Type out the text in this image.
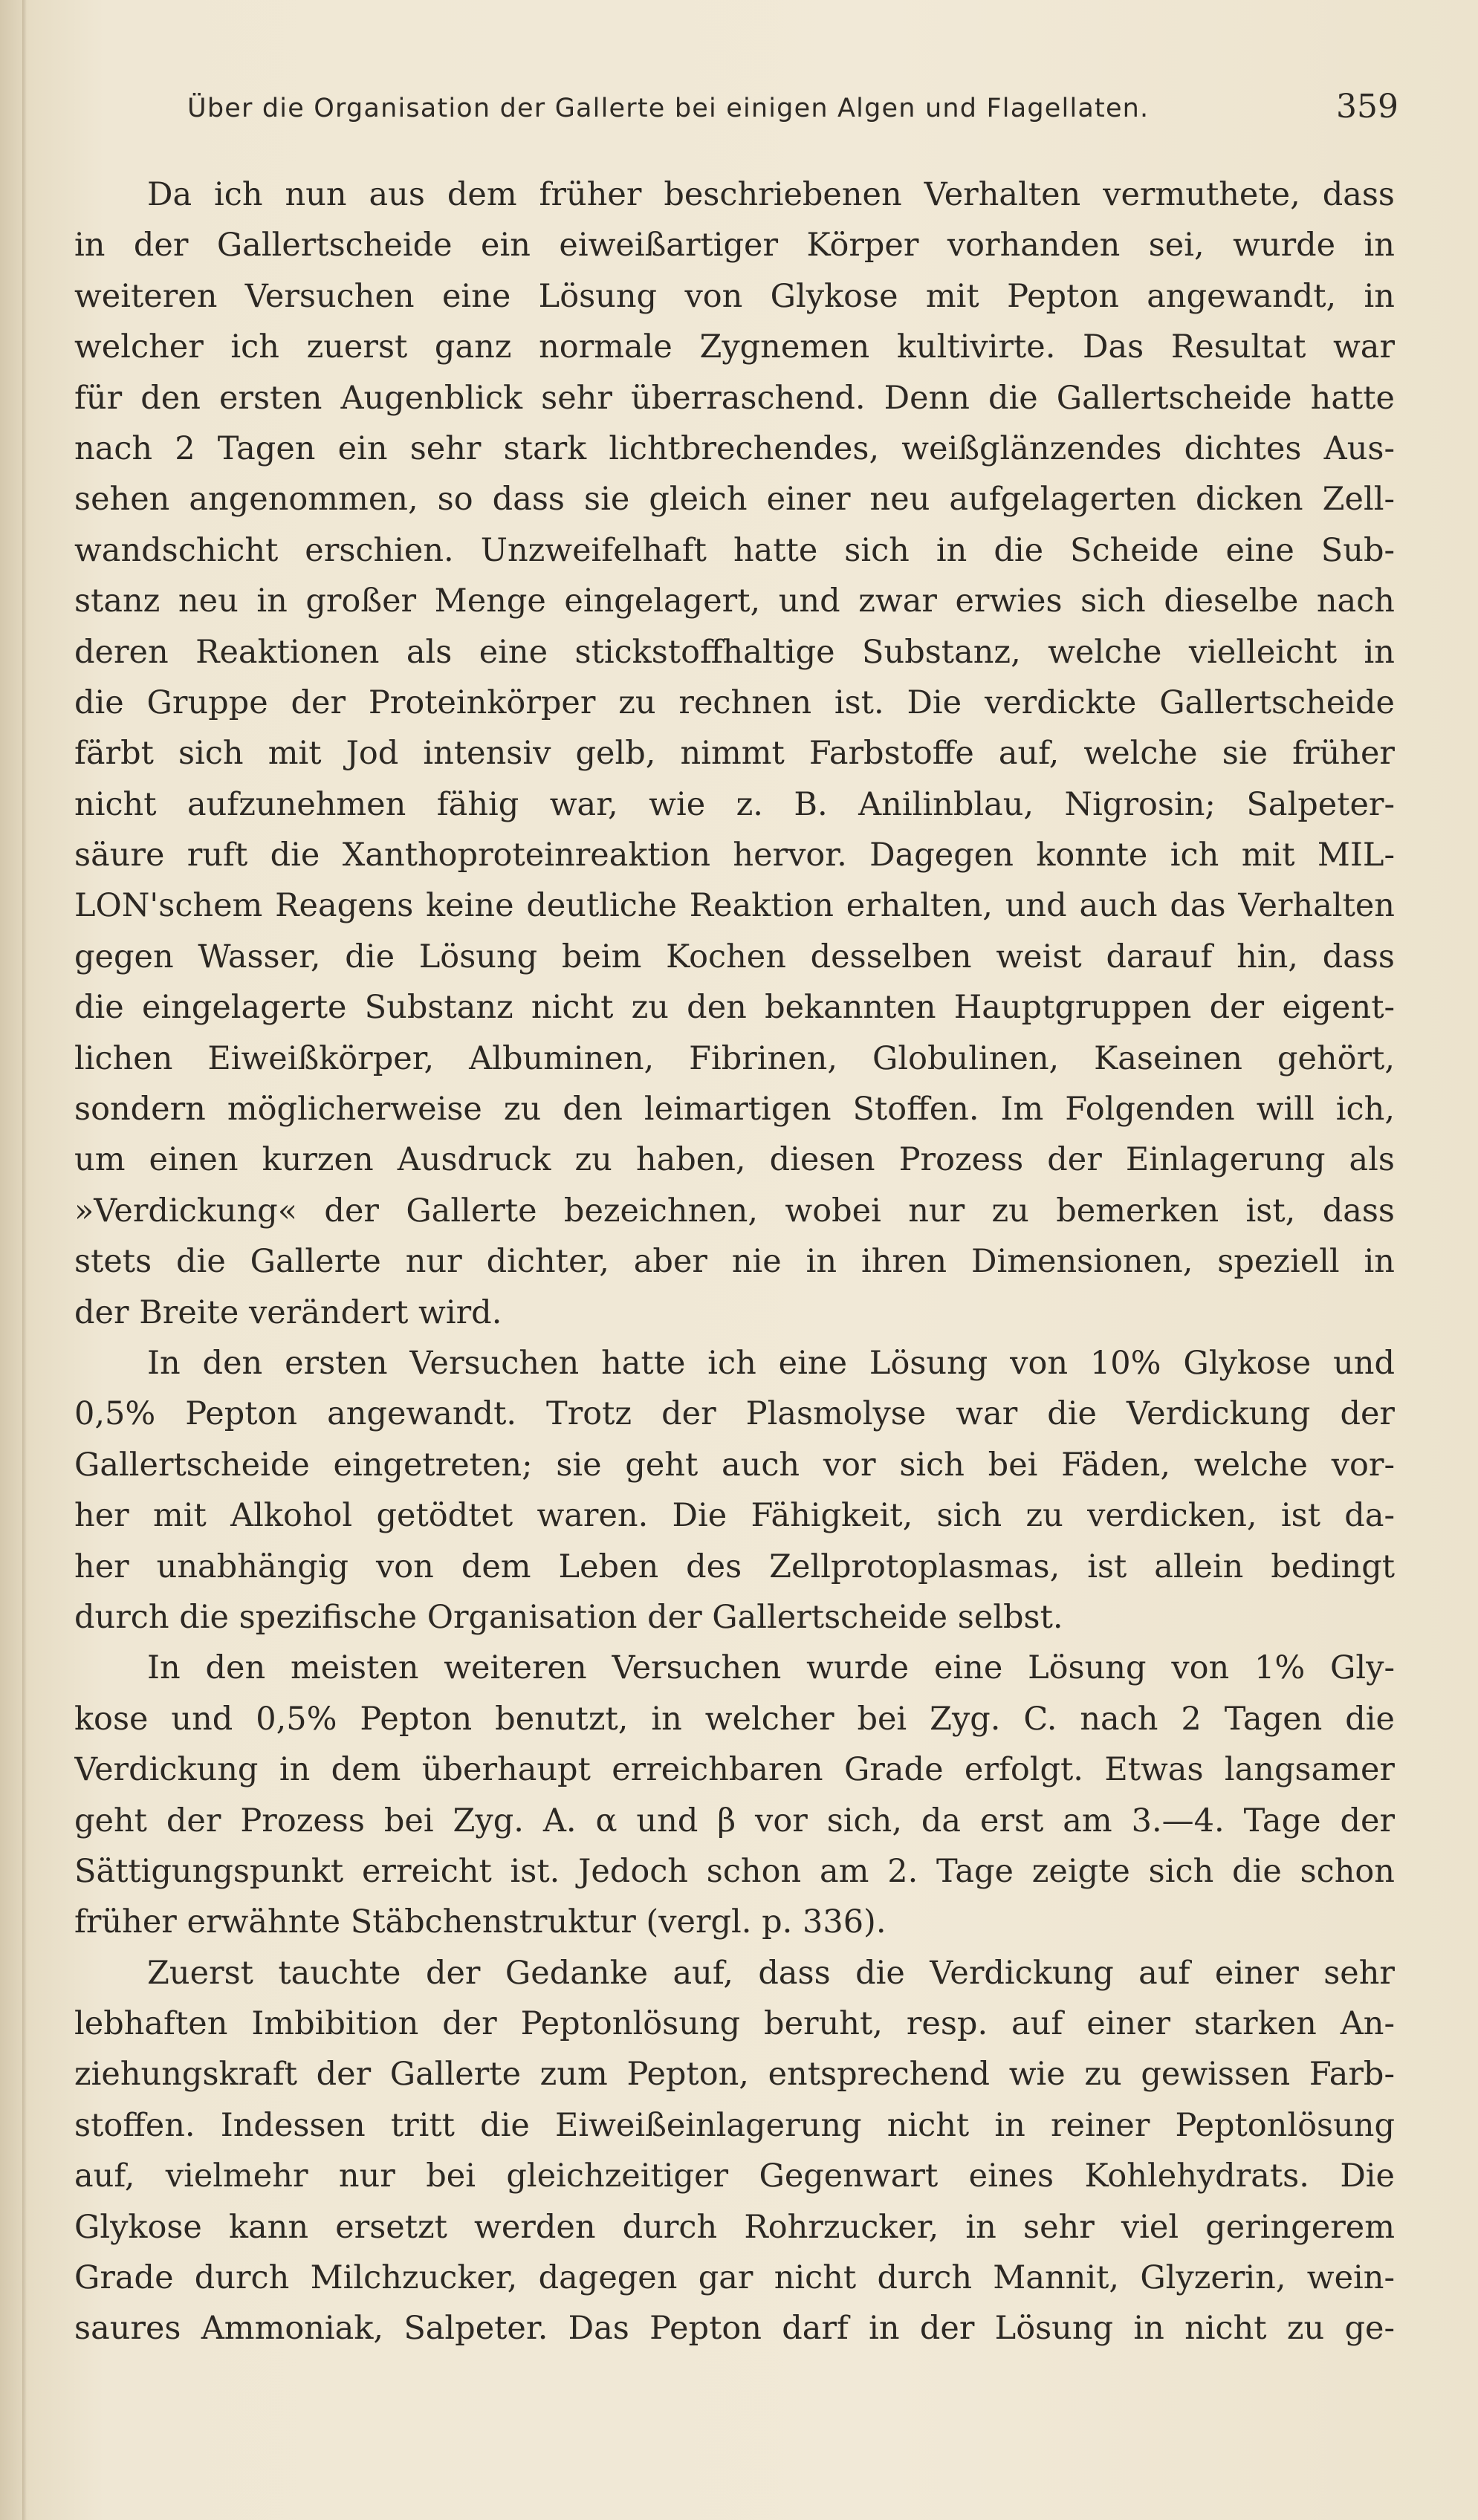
Über die Organisation der Gallerte bei einigen Algen und Flagellaten.	359
Da ich nun aus dem früher beschriebenen Verhalten vermuthete, dass
in der Gallertscheide ein eiweißartiger Körper vorhanden sei, wurde in
weiteren Versuchen eine Lösung von Glykose mit Pepton angewandt, in
welcher ich zuerst ganz normale Zygnemen kultivirte. Das Resultat war
für den ersten Augenblick sehr überraschend. Denn die Gallertscheide hatte
nach 2 Tagen ein sehr stark lichtbrechendes, weißglänzendes dichtes Aus-
sehen angenommen, so dass sie gleich einer neu aufgelagerten dicken Zell-
wandschicht erschien. Unzweifelhaft hatte sich in die Scheide eine Sub-
stanz neu in großer Menge eingelagert, und zwar erwies sich dieselbe nach
deren Reaktionen als eine stickstoffhaltige Substanz, welche vielleicht in
die Gruppe der Proteinkörper zu rechnen ist. Die verdickte Gallertscheide
färbt sich mit Jod intensiv gelb, nimmt Farbstoffe auf, welche sie früher
nicht aufzunehmen fähig war, wie z. B. Anilinblau, Nigrosin; Salpeter-
säure ruft die Xanthoproteinreaktion hervor. Dagegen konnte ich mit MIL-
LON'schem Reagens keine deutliche Reaktion erhalten, und auch das Verhalten
gegen Wasser, die Lösung beim Kochen desselben weist darauf hin, dass
die eingelagerte Substanz nicht zu den bekannten Hauptgruppen der eigent-
lichen Eiweißkörper, Albuminen, Fibrinen, Globulinen, Kaseinen gehört,
sondern möglicherweise zu den leimartigen Stoffen. Im Folgenden will ich,
um einen kurzen Ausdruck zu haben, diesen Prozess der Einlagerung als
»Verdickung« der Gallerte bezeichnen, wobei nur zu bemerken ist, dass
stets die Gallerte nur dichter, aber nie in ihren Dimensionen, speziell in
der Breite verändert wird.
In den ersten Versuchen hatte ich eine Lösung von 10% Glykose und
0,5% Pepton angewandt. Trotz der Plasmolyse war die Verdickung der
Gallertscheide eingetreten; sie geht auch vor sich bei Fäden, welche vor-
her mit Alkohol getödtet waren. Die Fähigkeit, sich zu verdicken, ist da-
her unabhängig von dem Leben des Zellprotoplasmas, ist allein bedingt
durch die spezifische Organisation der Gallertscheide selbst.
In den meisten weiteren Versuchen wurde eine Lösung von 1% Gly-
kose und 0,5% Pepton benutzt, in welcher bei Zyg. C. nach 2 Tagen die
Verdickung in dem überhaupt erreichbaren Grade erfolgt. Etwas langsamer
geht der Prozess bei Zyg. A. α und β vor sich, da erst am 3.—4. Tage der
Sättigungspunkt erreicht ist. Jedoch schon am 2. Tage zeigte sich die schon
früher erwähnte Stäbchenstruktur (vergl. p. 336).
Zuerst tauchte der Gedanke auf, dass die Verdickung auf einer sehr
lebhaften Imbibition der Peptonlösung beruht, resp. auf einer starken An-
ziehungskraft der Gallerte zum Pepton, entsprechend wie zu gewissen Farb-
stoffen. Indessen tritt die Eiweißeinlagerung nicht in reiner Peptonlösung
auf, vielmehr nur bei gleichzeitiger Gegenwart eines Kohlehydrats. Die
Glykose kann ersetzt werden durch Rohrzucker, in sehr viel geringerem
Grade durch Milchzucker, dagegen gar nicht durch Mannit, Glyzerin, wein-
saures Ammoniak, Salpeter. Das Pepton darf in der Lösung in nicht zu ge-
